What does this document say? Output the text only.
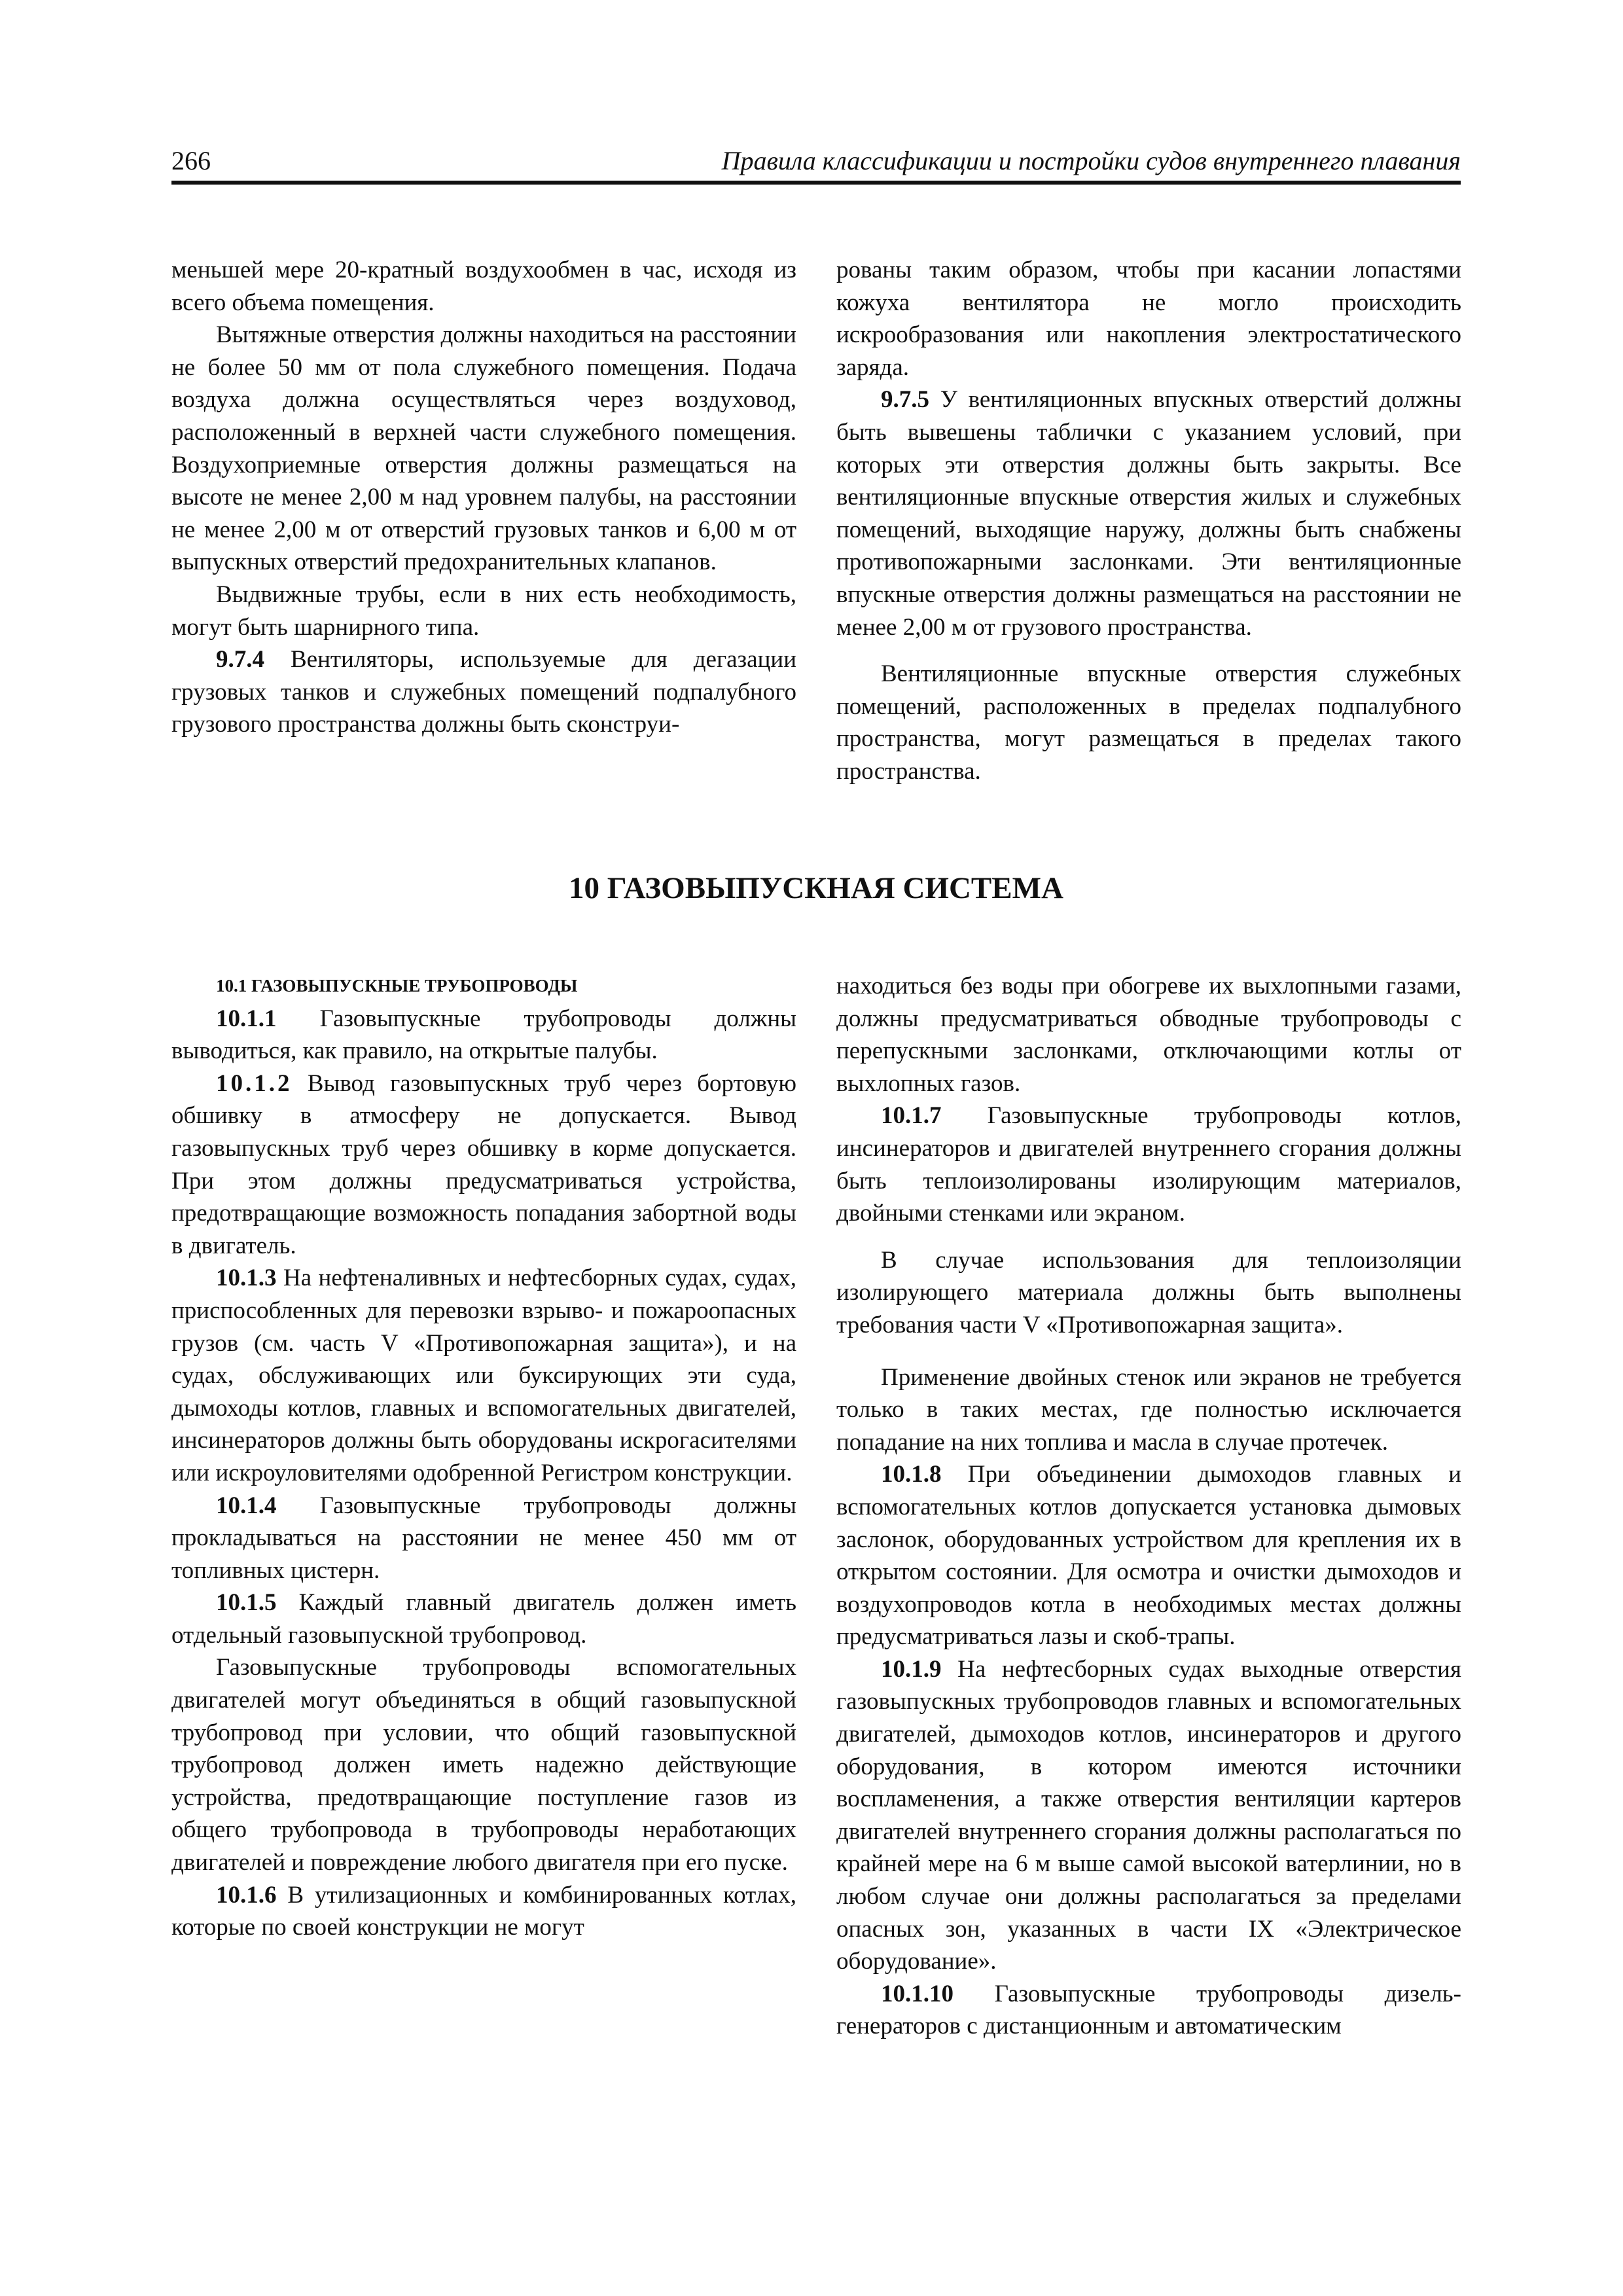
266	Правила классификации и постройки судов внутреннего плавания

меньшей мере 20-кратный воздухообмен в час, исходя из всего объема помещения.

Вытяжные отверстия должны находиться на расстоянии не более 50 мм от пола служебного помещения. Подача воздуха должна осуществляться через воздуховод, расположенный в верхней части служебного помещения. Воздухоприемные отверстия должны размещаться на высоте не менее 2,00 м над уровнем палубы, на расстоянии не менее 2,00 м от отверстий грузовых танков и 6,00 м от выпускных отверстий предохранительных клапанов.

Выдвижные трубы, если в них есть необходимость, могут быть шарнирного типа.

9.7.4 Вентиляторы, используемые для дегазации грузовых танков и служебных помещений подпалубного грузового пространства должны быть сконструи-

рованы таким образом, чтобы при касании лопастями кожуха вентилятора не могло происходить искрообразования или накопления электростатического заряда.

9.7.5 У вентиляционных впускных отверстий должны быть вывешены таблички с указанием условий, при которых эти отверстия должны быть закрыты. Все вентиляционные впускные отверстия жилых и служебных помещений, выходящие наружу, должны быть снабжены противопожарными заслонками. Эти вентиляционные впускные отверстия должны размещаться на расстоянии не менее 2,00 м от грузового пространства.

Вентиляционные впускные отверстия служебных помещений, расположенных в пределах подпалубного пространства, могут размещаться в пределах такого пространства.

10 ГАЗОВЫПУСКНАЯ СИСТЕМА

10.1 ГАЗОВЫПУСКНЫЕ ТРУБОПРОВОДЫ

10.1.1 Газовыпускные трубопроводы должны выводиться, как правило, на открытые палубы.

10.1.2 Вывод газовыпускных труб через бортовую обшивку в атмосферу не допускается. Вывод газовыпускных труб через обшивку в корме допускается. При этом должны предусматриваться устройства, предотвращающие возможность попадания забортной воды в двигатель.

10.1.3 На нефтеналивных и нефтесборных судах, судах, приспособленных для перевозки взрыво- и пожароопасных грузов (см. часть V «Противопожарная защита»), и на судах, обслуживающих или буксирующих эти суда, дымоходы котлов, главных и вспомогательных двигателей, инсинераторов должны быть оборудованы искрогасителями или искроуловителями одобренной Регистром конструкции.

10.1.4 Газовыпускные трубопроводы должны прокладываться на расстоянии не менее 450 мм от топливных цистерн.

10.1.5 Каждый главный двигатель должен иметь отдельный газовыпускной трубопровод.

Газовыпускные трубопроводы вспомогательных двигателей могут объединяться в общий газовыпускной трубопровод при условии, что общий газовыпускной трубопровод должен иметь надежно действующие устройства, предотвращающие поступление газов из общего трубопровода в трубопроводы неработающих двигателей и повреждение любого двигателя при его пуске.

10.1.6 В утилизационных и комбинированных котлах, которые по своей конструкции не могут

находиться без воды при обогреве их выхлопными газами, должны предусматриваться обводные трубопроводы с перепускными заслонками, отключающими котлы от выхлопных газов.

10.1.7 Газовыпускные трубопроводы котлов, инсинераторов и двигателей внутреннего сгорания должны быть теплоизолированы изолирующим материалов, двойными стенками или экраном.

В случае использования для теплоизоляции изолирующего материала должны быть выполнены требования части V «Противопожарная защита».

Применение двойных стенок или экранов не требуется только в таких местах, где полностью исключается попадание на них топлива и масла в случае протечек.

10.1.8 При объединении дымоходов главных и вспомогательных котлов допускается установка дымовых заслонок, оборудованных устройством для крепления их в открытом состоянии. Для осмотра и очистки дымоходов и воздухопроводов котла в необходимых местах должны предусматриваться лазы и скоб-трапы.

10.1.9 На нефтесборных судах выходные отверстия газовыпускных трубопроводов главных и вспомогательных двигателей, дымоходов котлов, инсинераторов и другого оборудования, в котором имеются источники воспламенения, а также отверстия вентиляции картеров двигателей внутреннего сгорания должны располагаться по крайней мере на 6 м выше самой высокой ватерлинии, но в любом случае они должны располагаться за пределами опасных зон, указанных в части IX «Электрическое оборудование».

10.1.10 Газовыпускные трубопроводы дизель-генераторов с дистанционным и автоматическим
